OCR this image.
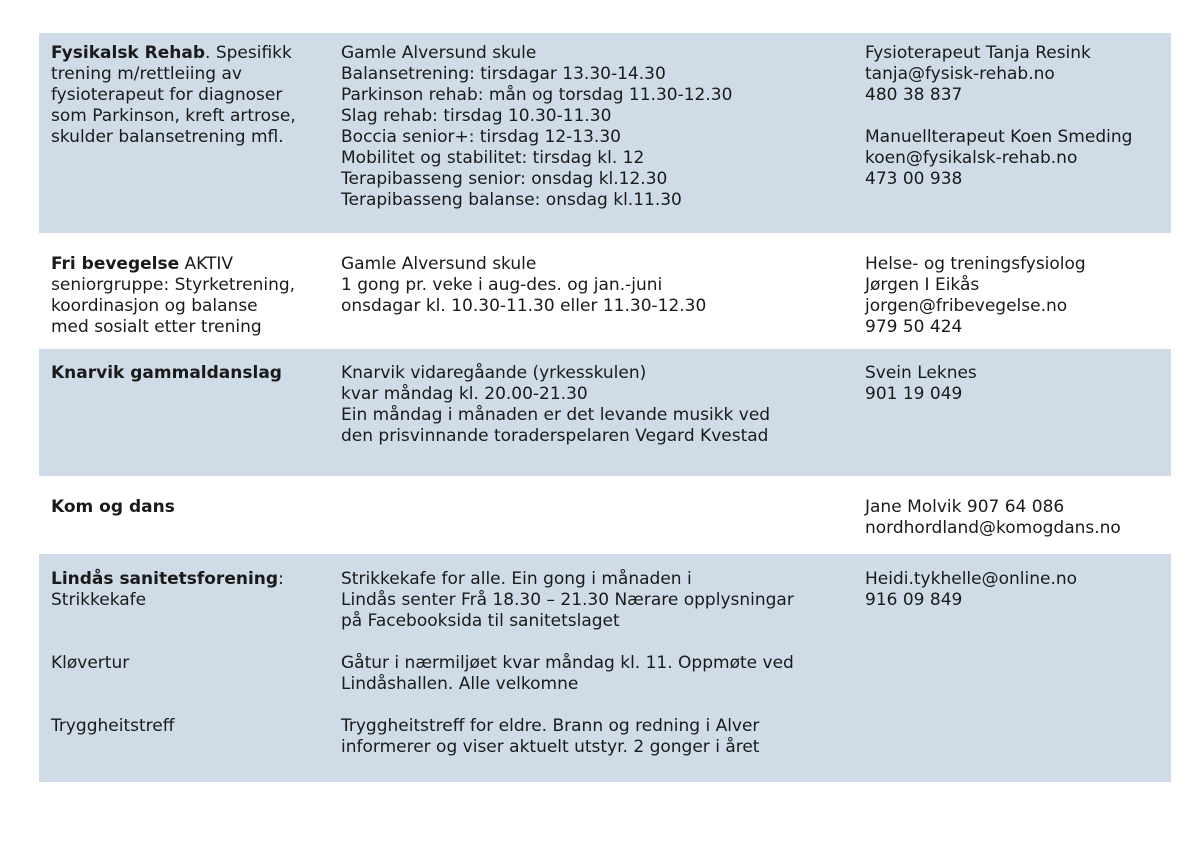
Fysikalsk Rehab. Spesifikk
trening m/rettleiing av
fysioterapeut for diagnoser
som Parkinson, kreft artrose,
skulder balansetrening mfl.
Gamle Alversund skule
Balansetrening: tirsdagar 13.30-14.30
Parkinson rehab: mån og torsdag 11.30-12.30
Slag rehab: tirsdag 10.30-11.30
Boccia senior+: tirsdag 12-13.30
Mobilitet og stabilitet: tirsdag kl. 12
Terapibasseng senior: onsdag kl.12.30
Terapibasseng balanse: onsdag kl.11.30
Fysioterapeut Tanja Resink
tanja@fysisk-rehab.no
480 38 837
Manuellterapeut Koen Smeding
koen@fysikalsk-rehab.no
473 00 938
Fri bevegelse AKTIV
seniorgruppe: Styrketrening,
koordinasjon og balanse
med sosialt etter trening
Gamle Alversund skule
1 gong pr. veke i aug-des. og jan.-juni
onsdagar kl. 10.30-11.30 eller 11.30-12.30
Helse- og treningsfysiolog
Jørgen I Eikås
jorgen@fribevegelse.no
979 50 424
Knarvik gammaldanslag	Knarvik vidaregåande (yrkesskulen)
kvar måndag kl. 20.00-21.30
Ein måndag i månaden er det levande musikk ved
den prisvinnande toraderspelaren Vegard Kvestad
Svein Leknes
901 19 049
Kom og dans	Jane Molvik 907 64 086
nordhordland@komogdans.no
Lindås sanitetsforening:
Strikkekafe
Kløvertur
Tryggheitstreff
Strikkekafe for alle. Ein gong i månaden i
Lindås senter Frå 18.30 – 21.30 Nærare opplysningar
på Facebooksida til sanitetslaget
Gåtur i nærmiljøet kvar måndag kl. 11. Oppmøte ved
Lindåshallen. Alle velkomne
Tryggheitstreff for eldre. Brann og redning i Alver
informerer og viser aktuelt utstyr. 2 gonger i året
Heidi.tykhelle@online.no
916 09 849
